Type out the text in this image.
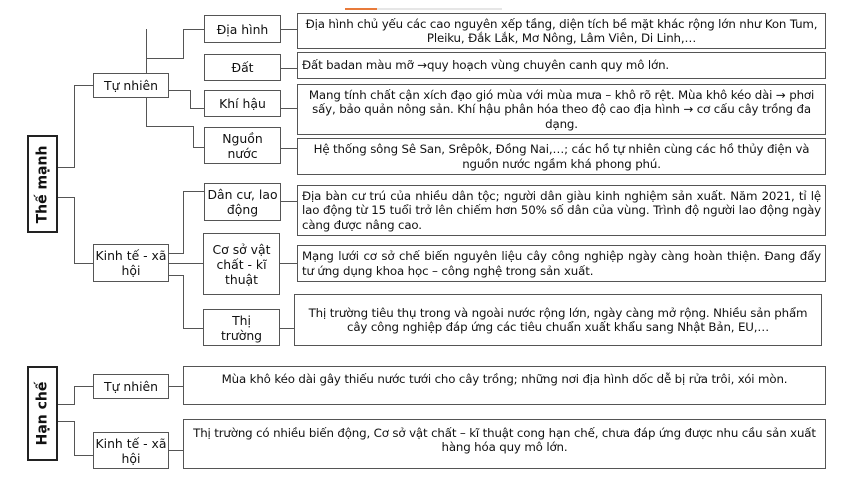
Thế mạnh
Tự nhiên
Địa hình
Đất
Khí hậu
Nguồn nước
Địa hình chủ yếu các cao nguyên xếp tầng, diện tích bề mặt khác rộng lớn như Kon Tum, Pleiku, Đắk Lắk, Mơ Nông, Lâm Viên, Di Linh,…
Đất badan màu mỡ →quy hoạch vùng chuyên canh quy mô lớn.
Mang tính chất cận xích đạo gió mùa với mùa mưa – khô rõ rệt. Mùa khô kéo dài → phơi sấy, bảo quản nông sản. Khí hậu phân hóa theo độ cao địa hình → cơ cấu cây trồng đa dạng.
Hệ thống sông Sê San, Srêpôk, Đồng Nai,…; các hồ tự nhiên cùng các hồ thủy điện và nguồn nước ngầm khá phong phú.
Kinh tế - xã hội
Dân cư, lao động
Cơ sở vật chất - kĩ thuật
Thị trường
Địa bàn cư trú của nhiều dân tộc; người dân giàu kinh nghiệm sản xuất. Năm 2021, tỉ lệ lao động từ 15 tuổi trở lên chiếm hơn 50% số dân của vùng. Trình độ người lao động ngày càng được nâng cao.
Mạng lưới cơ sở chế biến nguyên liệu cây công nghiệp ngày càng hoàn thiện. Đang đẩy tư ứng dụng khoa học – công nghệ trong sản xuất.
Thị trường tiêu thụ trong và ngoài nước rộng lớn, ngày càng mở rộng. Nhiều sản phẩm cây công nghiệp đáp ứng các tiêu chuẩn xuất khẩu sang Nhật Bản, EU,…
Hạn chế	Tự nhiên
Kinh tế - xã hội
Mùa khô kéo dài gây thiếu nước tưới cho cây trồng; những nơi địa hình dốc dễ bị rửa trôi, xói mòn.
Thị trường có nhiều biến động, Cơ sở vật chất – kĩ thuật cong hạn chế, chưa đáp ứng được nhu cầu sản xuất hàng hóa quy mô lớn.
